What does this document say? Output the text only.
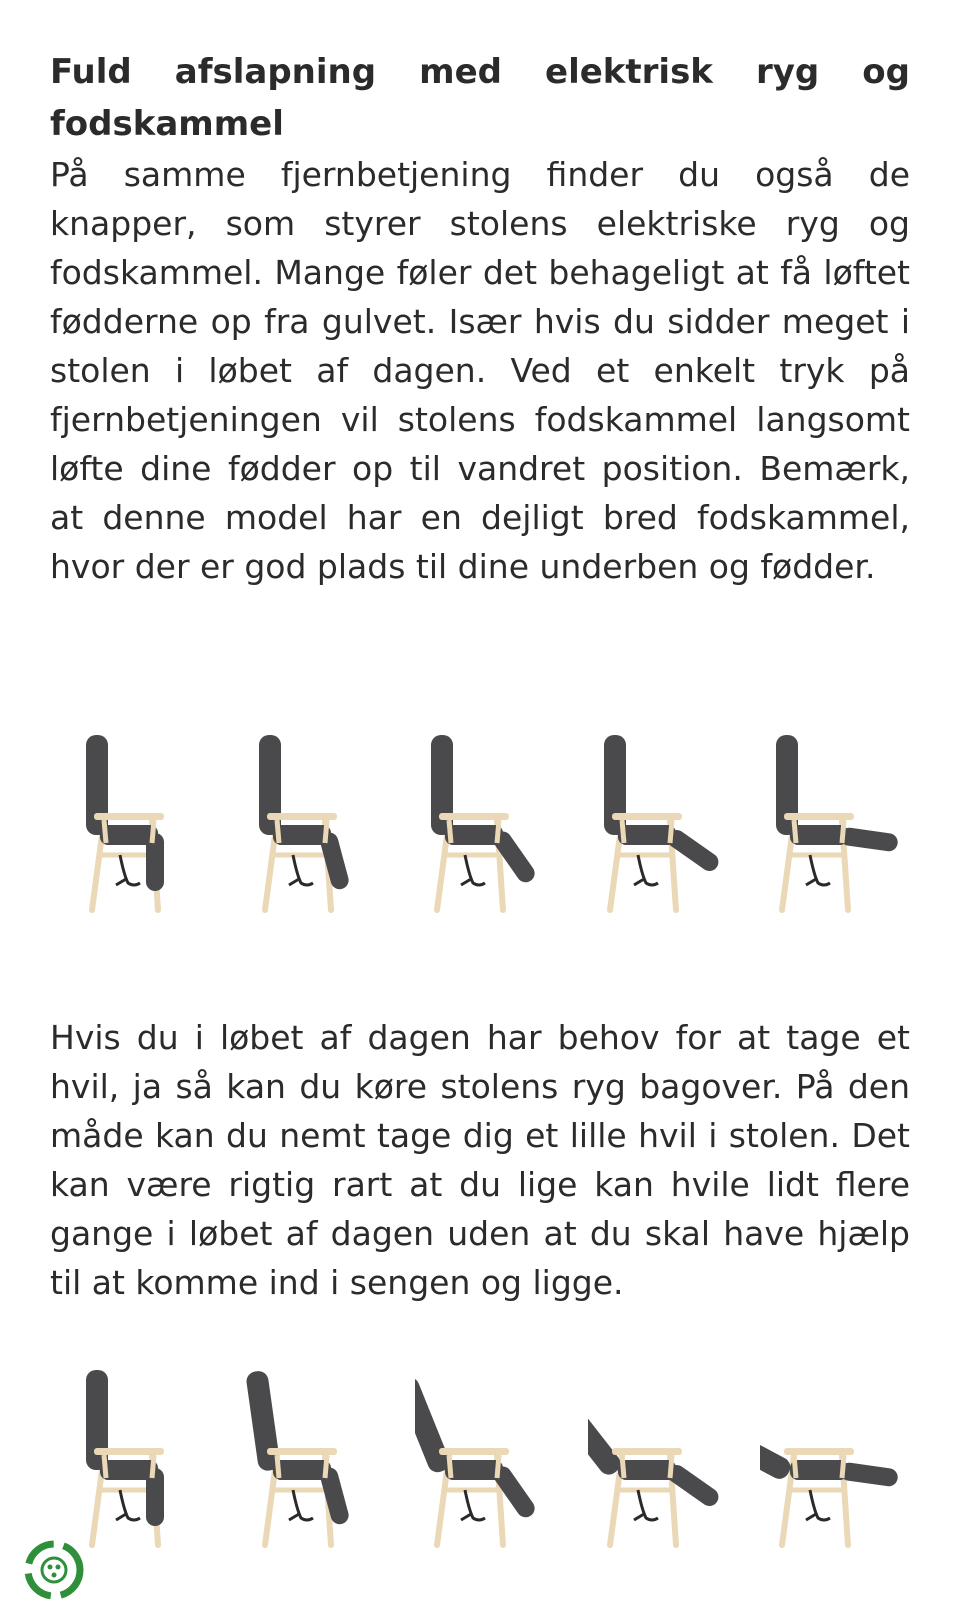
Fuld afslapning med elektrisk ryg og fodskammel

På samme fjernbetjening finder du også de knapper, som styrer stolens elektriske ryg og fodskammel. Mange føler det behageligt at få løftet fødderne op fra gulvet. Især hvis du sidder meget i stolen i løbet af dagen. Ved et enkelt tryk på fjernbetjeningen vil stolens fodskammel langsomt løfte dine fødder op til vandret position. Bemærk, at denne model har en dejligt bred fodskammel, hvor der er god plads til dine underben og fødder.

Hvis du i løbet af dagen har behov for at tage et hvil, ja så kan du køre stolens ryg bagover. På den måde kan du nemt tage dig et lille hvil i stolen. Det kan være rigtig rart at du lige kan hvile lidt flere gange i løbet af dagen uden at du skal have hjælp til at komme ind i sengen og ligge.
